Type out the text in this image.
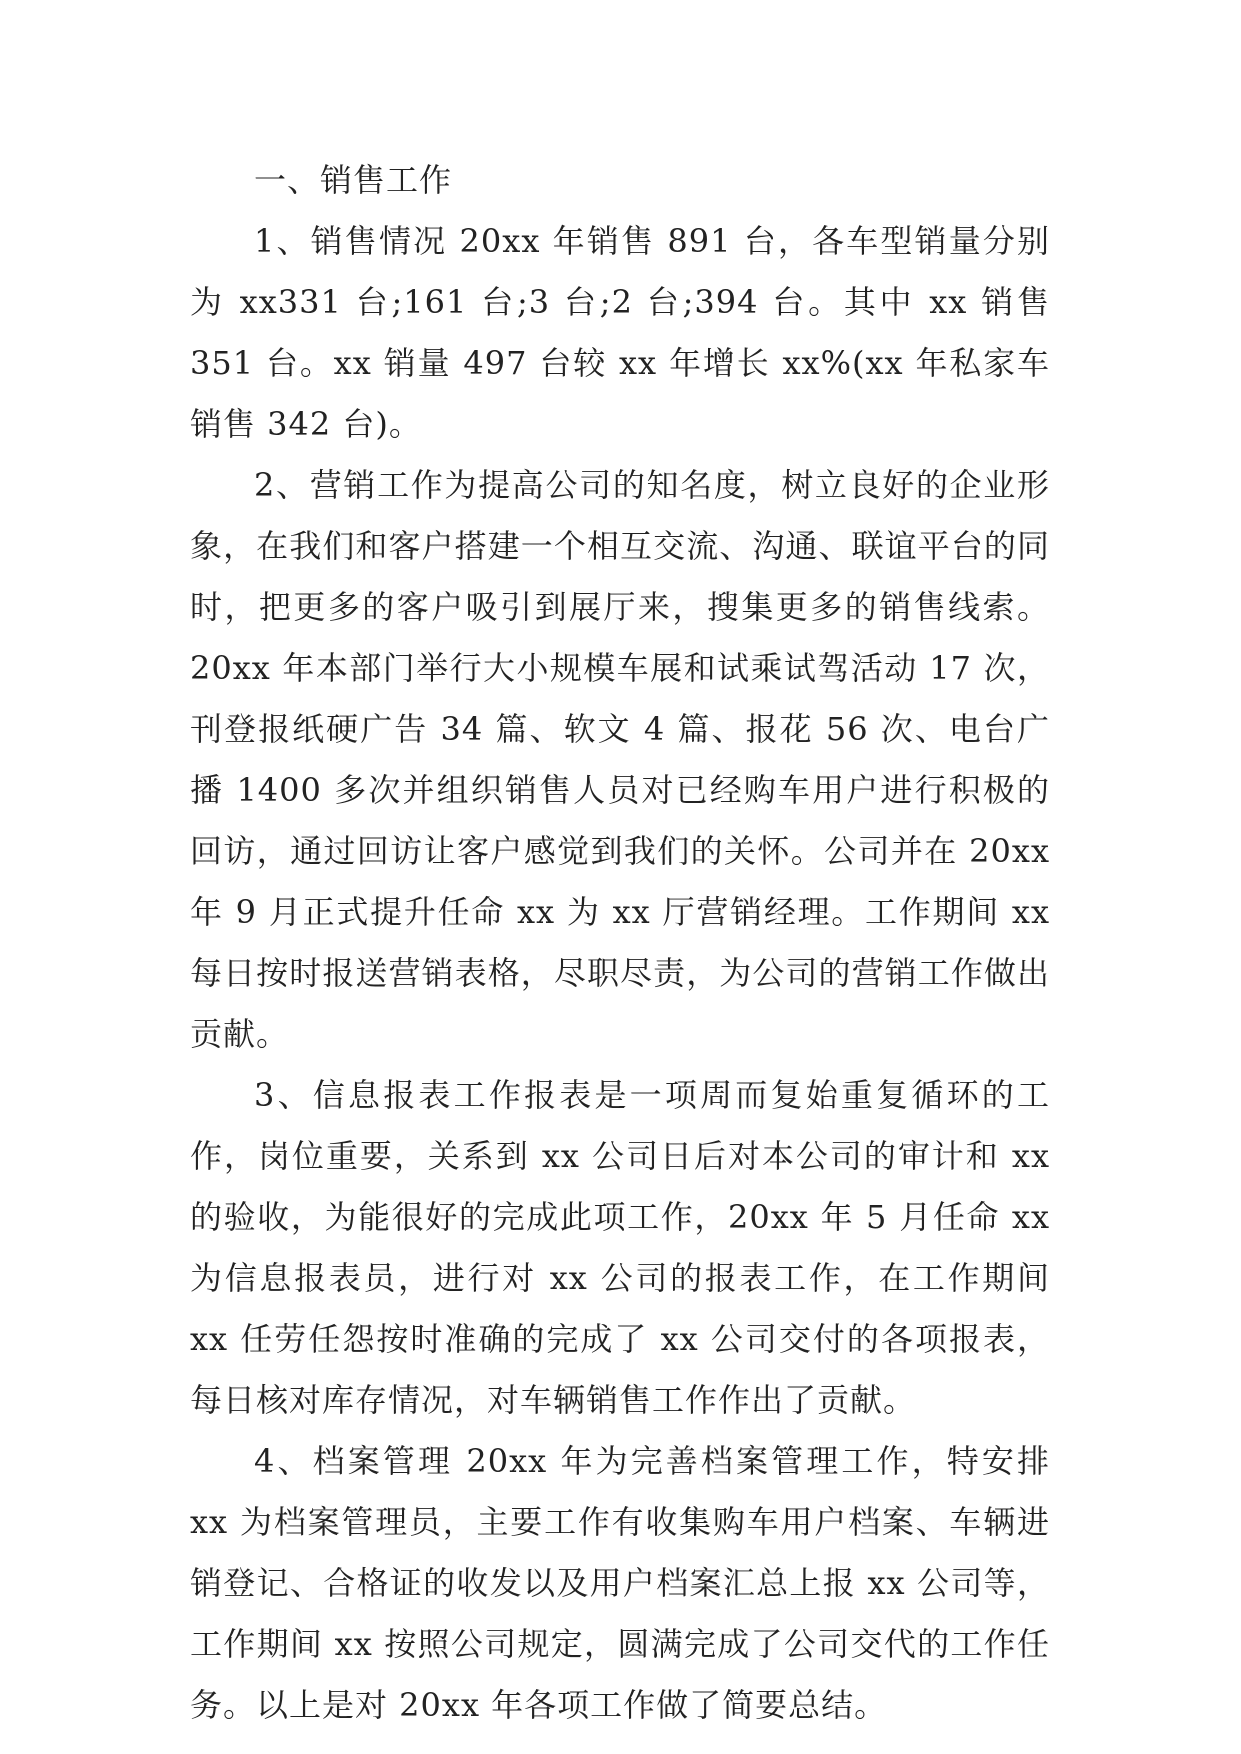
一、销售工作

1、销售情况 20xx 年销售 891 台，各车型销量分别为 xx331 台;161 台;3 台;2 台;394 台。其中 xx 销售 351 台。xx 销量 497 台较 xx 年增长 xx%(xx 年私家车销售 342 台)。

2、营销工作为提高公司的知名度，树立良好的企业形象，在我们和客户搭建一个相互交流、沟通、联谊平台的同时，把更多的客户吸引到展厅来，搜集更多的销售线索。20xx 年本部门举行大小规模车展和试乘试驾活动 17 次，刊登报纸硬广告 34 篇、软文 4 篇、报花 56 次、电台广播 1400 多次并组织销售人员对已经购车用户进行积极的回访，通过回访让客户感觉到我们的关怀。公司并在 20xx 年 9 月正式提升任命 xx 为 xx 厅营销经理。工作期间 xx 每日按时报送营销表格，尽职尽责，为公司的营销工作做出贡献。

3、信息报表工作报表是一项周而复始重复循环的工作，岗位重要，关系到 xx 公司日后对本公司的审计和 xx 的验收，为能很好的完成此项工作，20xx 年 5 月任命 xx 为信息报表员，进行对 xx 公司的报表工作，在工作期间 xx 任劳任怨按时准确的完成了 xx 公司交付的各项报表，每日核对库存情况，对车辆销售工作作出了贡献。

4、档案管理 20xx 年为完善档案管理工作，特安排 xx 为档案管理员，主要工作有收集购车用户档案、车辆进销登记、合格证的收发以及用户档案汇总上报 xx 公司等，工作期间 xx 按照公司规定，圆满完成了公司交代的工作任务。以上是对 20xx 年各项工作做了简要总结。
